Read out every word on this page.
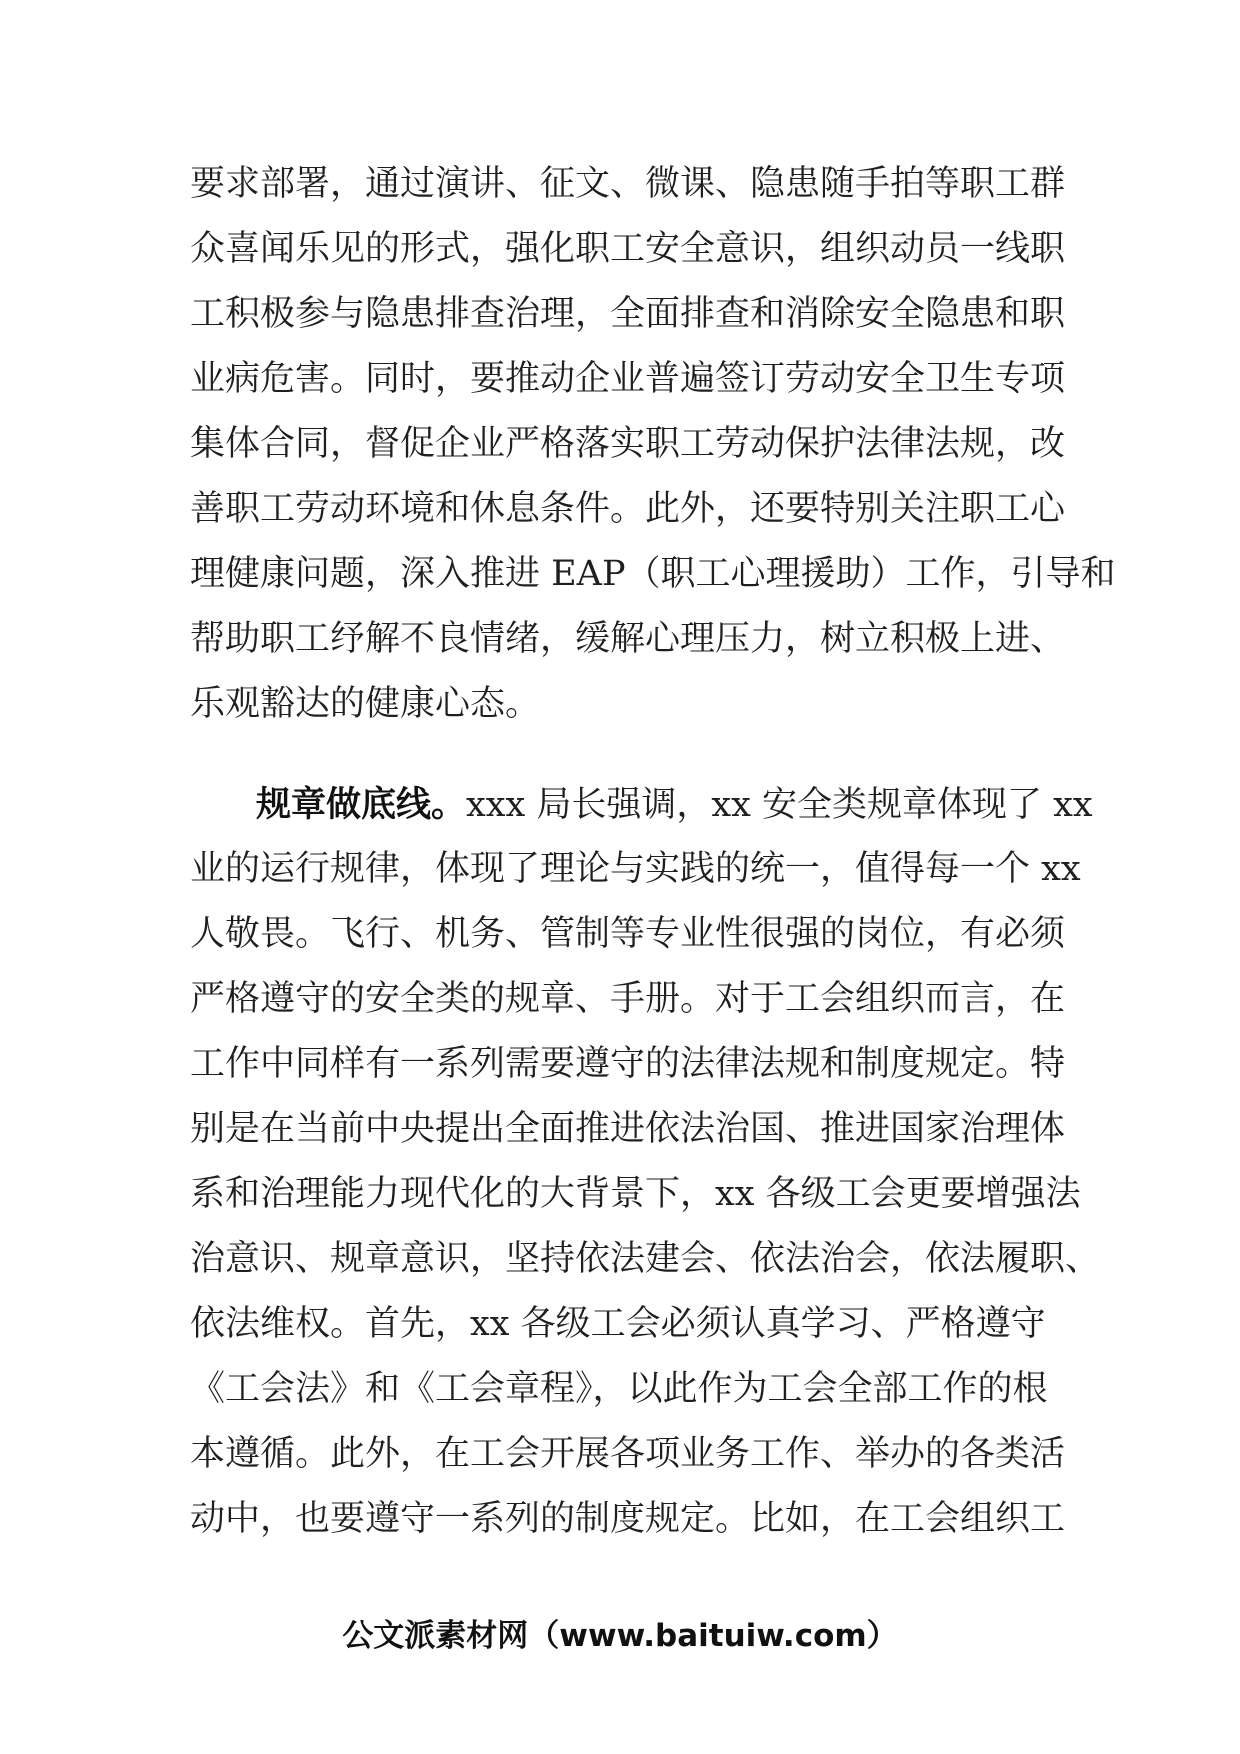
要求部署，通过演讲、征文、微课、隐患随手拍等职工群
众喜闻乐见的形式，强化职工安全意识，组织动员一线职
工积极参与隐患排查治理，全面排查和消除安全隐患和职
业病危害。同时，要推动企业普遍签订劳动安全卫生专项
集体合同，督促企业严格落实职工劳动保护法律法规，改
善职工劳动环境和休息条件。此外，还要特别关注职工心
理健康问题，深入推进 EAP（职工心理援助）工作，引导和
帮助职工纾解不良情绪，缓解心理压力，树立积极上进、
乐观豁达的健康心态。
规章做底线。xxx 局长强调，xx 安全类规章体现了 xx
业的运行规律，体现了理论与实践的统一，值得每一个 xx
人敬畏。飞行、机务、管制等专业性很强的岗位，有必须
严格遵守的安全类的规章、手册。对于工会组织而言，在
工作中同样有一系列需要遵守的法律法规和制度规定。特
别是在当前中央提出全面推进依法治国、推进国家治理体
系和治理能力现代化的大背景下，xx 各级工会更要增强法
治意识、规章意识，坚持依法建会、依法治会，依法履职、
依法维权。首先，xx 各级工会必须认真学习、严格遵守
《工会法》和《工会章程》，以此作为工会全部工作的根
本遵循。此外，在工会开展各项业务工作、举办的各类活
动中，也要遵守一系列的制度规定。比如，在工会组织工
公文派素材网（www.baituiw.com）
